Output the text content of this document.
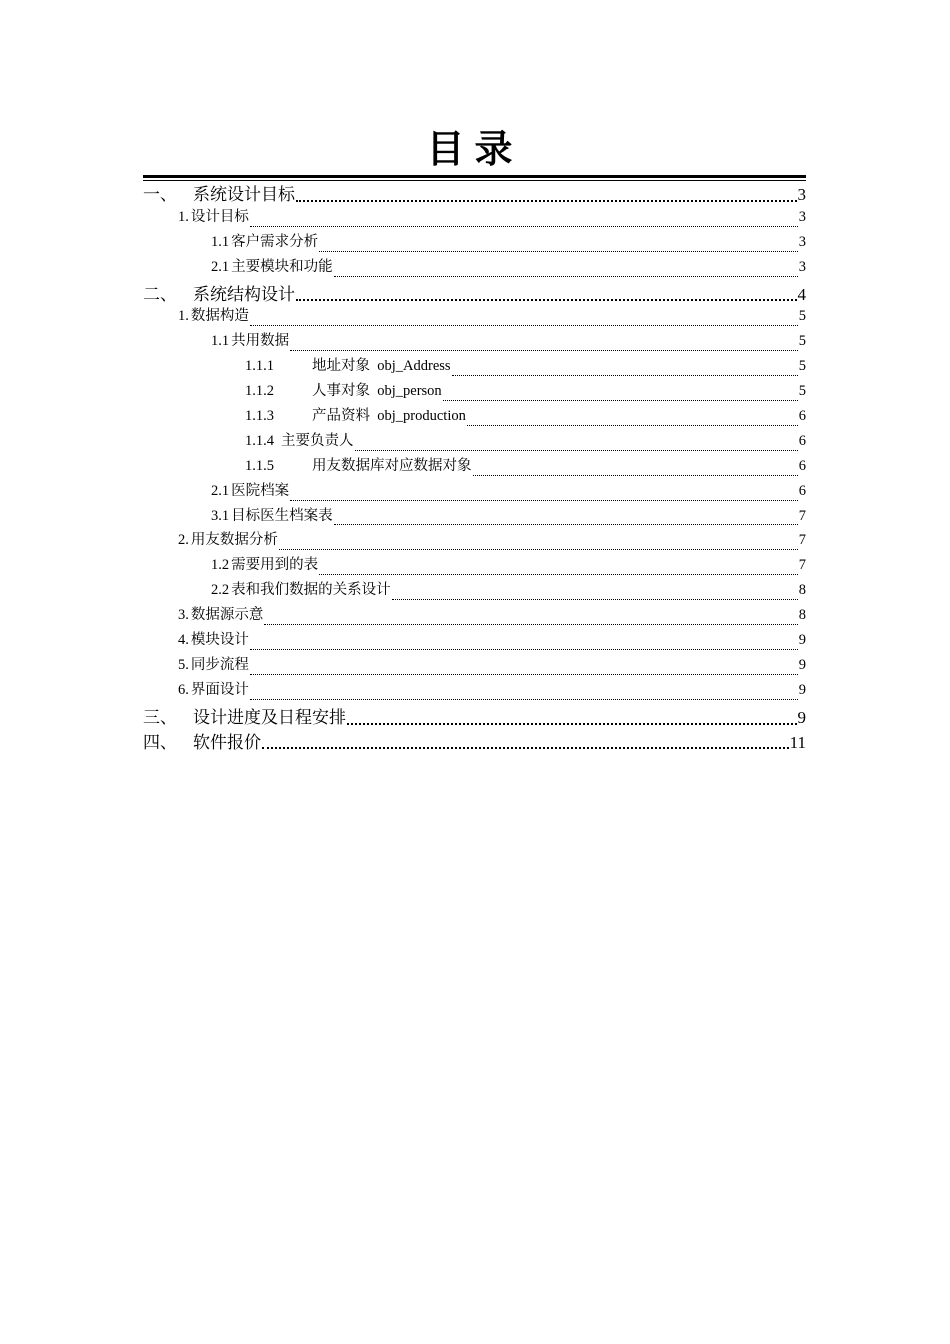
目录
一、 系统设计目标	3
1. 设计目标	3
1.1 客户需求分析	3
2.1 主要模块和功能	3
二、 系统结构设计	4
1. 数据构造	5
1.1 共用数据	5
1.1.1	地址对象  obj_Address	5
1.1.2	人事对象  obj_person	5
1.1.3	产品资料  obj_production	6
1.1.4 主要负责人	6
1.1.5	用友数据库对应数据对象	6
2.1 医院档案	6
3.1 目标医生档案表	7
2. 用友数据分析	7
1.2 需要用到的表	7
2.2 表和我们数据的关系设计	8
3. 数据源示意	8
4. 模块设计	9
5. 同步流程	9
6. 界面设计	9
三、 设计进度及日程安排	9
四、 软件报价	11
